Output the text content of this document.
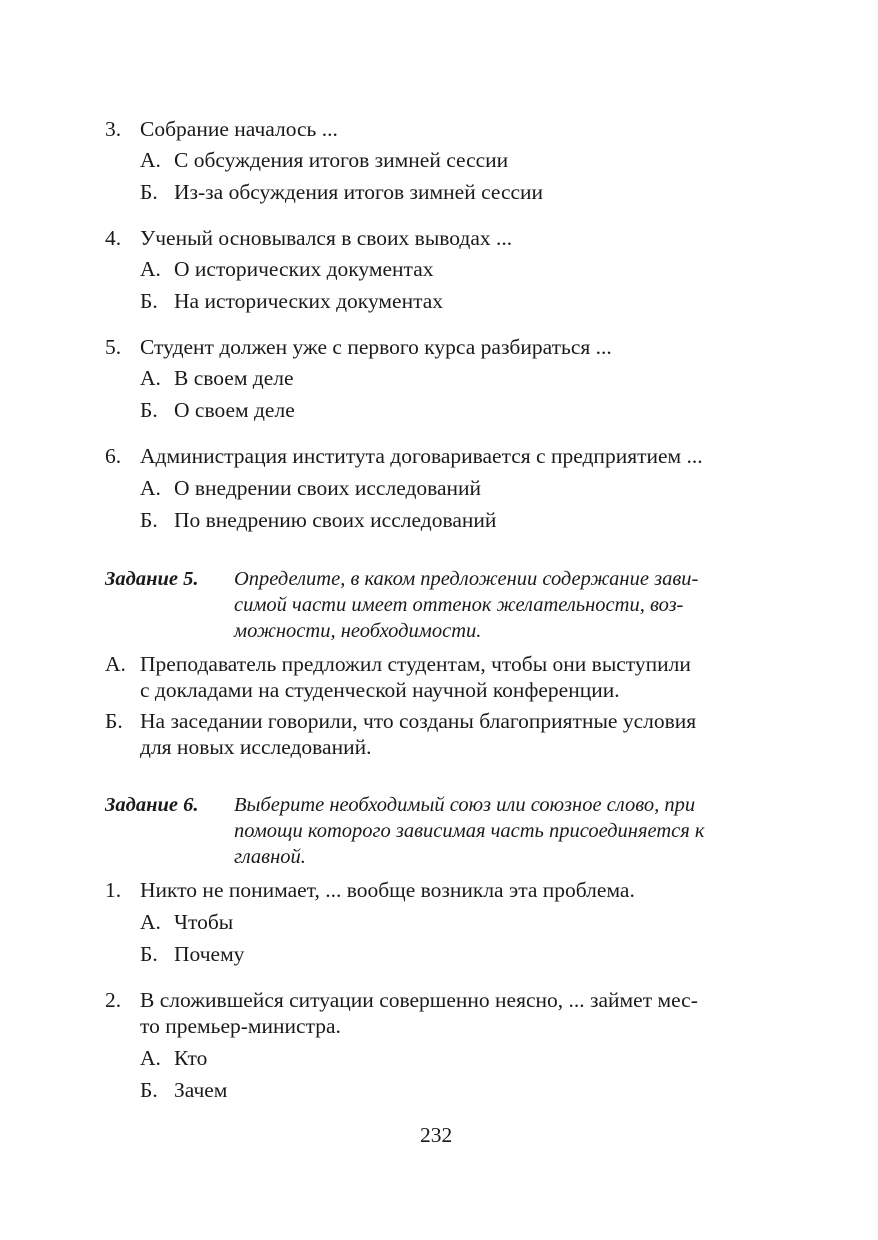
3. Собрание началось ...
А. С обсуждения итогов зимней сессии
Б. Из-за обсуждения итогов зимней сессии
4. Ученый основывался в своих выводах ...
А. О исторических документах
Б. На исторических документах
5. Студент должен уже с первого курса разбираться ...
А. В своем деле
Б. О своем деле
6. Администрация института договаривается с предприятием ...
А. О внедрении своих исследований
Б. По внедрению своих исследований
Задание 5. Определите, в каком предложении содержание зави-
симой части имеет оттенок желательности, воз-
можности, необходимости.
А. Преподаватель предложил студентам, чтобы они выступили
с докладами на студенческой научной конференции.
Б. На заседании говорили, что созданы благоприятные условия
для новых исследований.
Задание 6. Выберите необходимый союз или союзное слово, при
помощи которого зависимая часть присоединяется к
главной.
1. Никто не понимает, ... вообще возникла эта проблема.
А. Чтобы
Б. Почему
2. В сложившейся ситуации совершенно неясно, ... займет мес-
то премьер-министра.
А. Кто
Б. Зачем
232
